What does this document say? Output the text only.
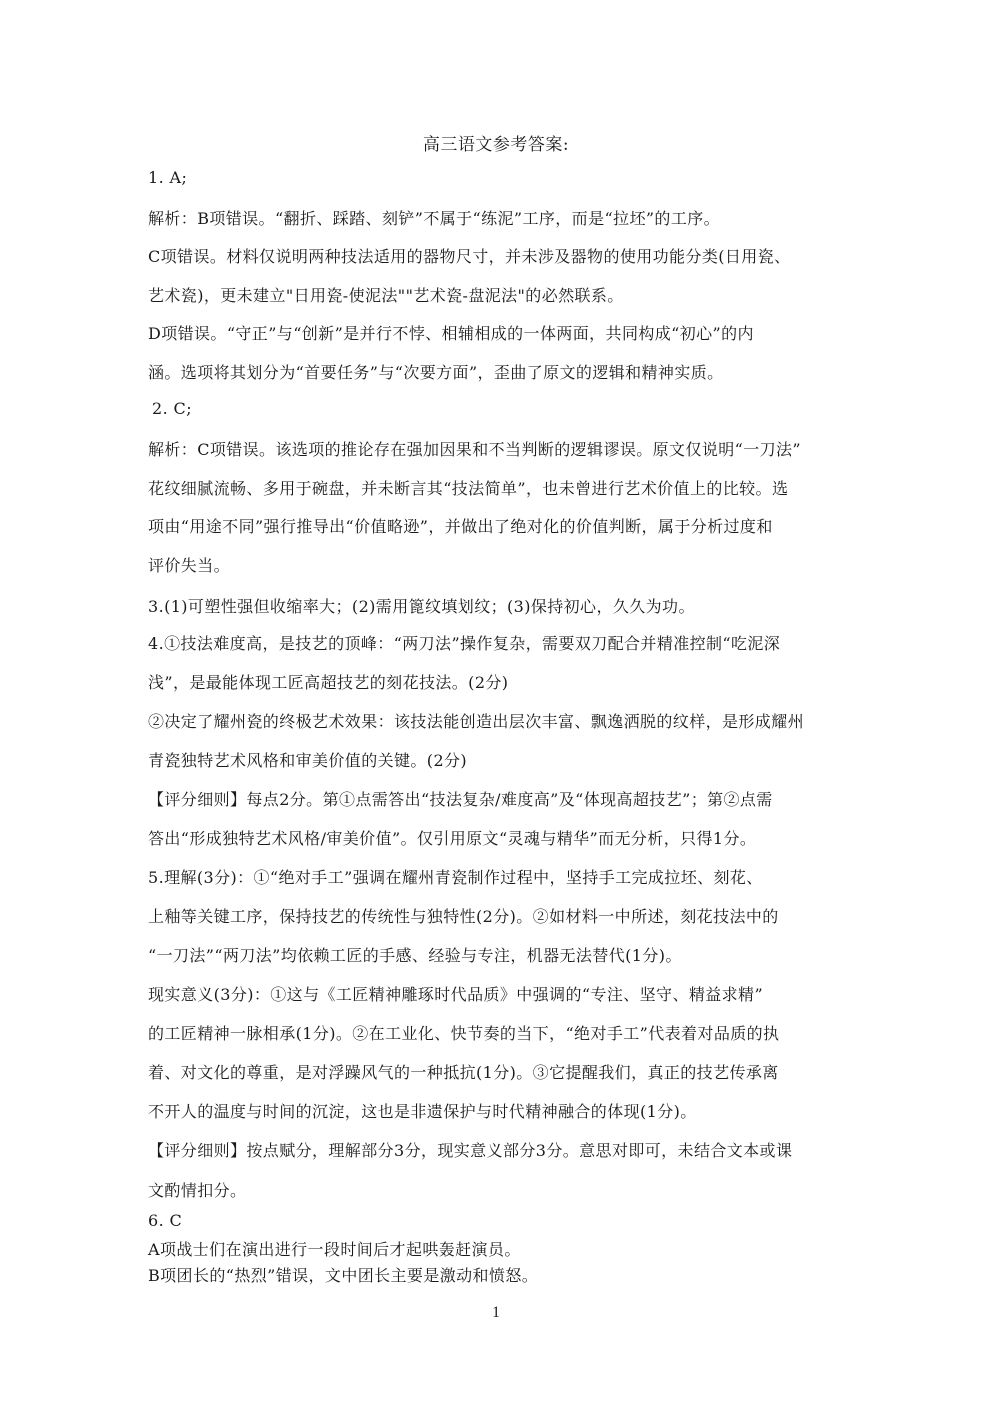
高三语文参考答案:
1. A;
解析：B项错误。“翻折、踩踏、刻铲”不属于“练泥”工序，而是“拉坯”的工序。
C项错误。材料仅说明两种技法适用的器物尺寸，并未涉及器物的使用功能分类(日用瓷、
艺术瓷)，更未建立"日用瓷-使泥法""艺术瓷-盘泥法"的必然联系。
D项错误。“守正”与“创新”是并行不悖、相辅相成的一体两面，共同构成“初心”的内
涵。选项将其划分为“首要任务”与“次要方面”，歪曲了原文的逻辑和精神实质。
2. C;
解析：C项错误。该选项的推论存在强加因果和不当判断的逻辑谬误。原文仅说明“一刀法”
花纹细腻流畅、多用于碗盘，并未断言其“技法简单”，也未曾进行艺术价值上的比较。选
项由“用途不同”强行推导出“价值略逊”，并做出了绝对化的价值判断，属于分析过度和
评价失当。
3.(1)可塑性强但收缩率大；(2)需用篦纹填划纹；(3)保持初心，久久为功。
4.①技法难度高，是技艺的顶峰：“两刀法”操作复杂，需要双刀配合并精准控制“吃泥深
浅”，是最能体现工匠高超技艺的刻花技法。(2分)
②决定了耀州瓷的终极艺术效果：该技法能创造出层次丰富、飘逸洒脱的纹样，是形成耀州
青瓷独特艺术风格和审美价值的关键。(2分)
【评分细则】每点2分。第①点需答出“技法复杂/难度高”及“体现高超技艺”；第②点需
答出“形成独特艺术风格/审美价值”。仅引用原文“灵魂与精华”而无分析，只得1分。
5.理解(3分)：①“绝对手工”强调在耀州青瓷制作过程中，坚持手工完成拉坯、刻花、
上釉等关键工序，保持技艺的传统性与独特性(2分)。②如材料一中所述，刻花技法中的
“一刀法”“两刀法”均依赖工匠的手感、经验与专注，机器无法替代(1分)。
现实意义(3分)：①这与《工匠精神雕琢时代品质》中强调的“专注、坚守、精益求精”
的工匠精神一脉相承(1分)。②在工业化、快节奏的当下，“绝对手工”代表着对品质的执
着、对文化的尊重，是对浮躁风气的一种抵抗(1分)。③它提醒我们，真正的技艺传承离
不开人的温度与时间的沉淀，这也是非遗保护与时代精神融合的体现(1分)。
【评分细则】按点赋分，理解部分3分，现实意义部分3分。意思对即可，未结合文本或课
文酌情扣分。
6. C
A项战士们在演出进行一段时间后才起哄轰赶演员。
B项团长的“热烈”错误，文中团长主要是激动和愤怒。
1
